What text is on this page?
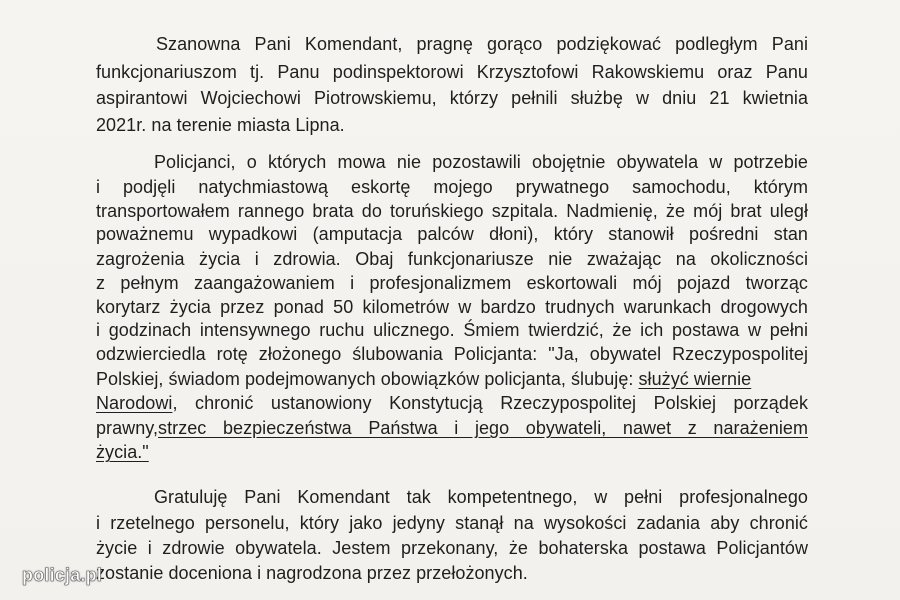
Szanowna Pani Komendant, pragnę gorąco podziękować podległym Pani
funkcjonariuszom tj. Panu podinspektorowi Krzysztofowi Rakowskiemu oraz Panu
aspirantowi Wojciechowi Piotrowskiemu, którzy pełnili służbę w dniu 21 kwietnia
2021r. na terenie miasta Lipna.
Policjanci, o których mowa nie pozostawili obojętnie obywatela w potrzebie
i podjęli natychmiastową eskortę mojego prywatnego samochodu, którym
transportowałem rannego brata do toruńskiego szpitala. Nadmienię, że mój brat uległ
poważnemu wypadkowi (amputacja palców dłoni), który stanowił pośredni stan
zagrożenia życia i zdrowia. Obaj funkcjonariusze nie zważając na okoliczności
z pełnym zaangażowaniem i profesjonalizmem eskortowali mój pojazd tworząc
korytarz życia przez ponad 50 kilometrów w bardzo trudnych warunkach drogowych
i godzinach intensywnego ruchu ulicznego. Śmiem twierdzić, że ich postawa w pełni
odzwierciedla rotę złożonego ślubowania Policjanta: "Ja, obywatel Rzeczypospolitej
Polskiej, świadom podejmowanych obowiązków policjanta, ślubuję: służyć wiernie
Narodowi , chronić ustanowiony Konstytucją Rzeczypospolitej Polskiej porządek
prawny, strzec bezpieczeństwa Państwa i jego obywateli, nawet z narażeniem
życia."
Gratuluję Pani Komendant tak kompetentnego, w pełni profesjonalnego
i rzetelnego personelu, który jako jedyny stanął na wysokości zadania aby chronić
życie i zdrowie obywatela. Jestem przekonany, że bohaterska postawa Policjantów
zostanie doceniona i nagrodzona przez przełożonych.
policja.pl
